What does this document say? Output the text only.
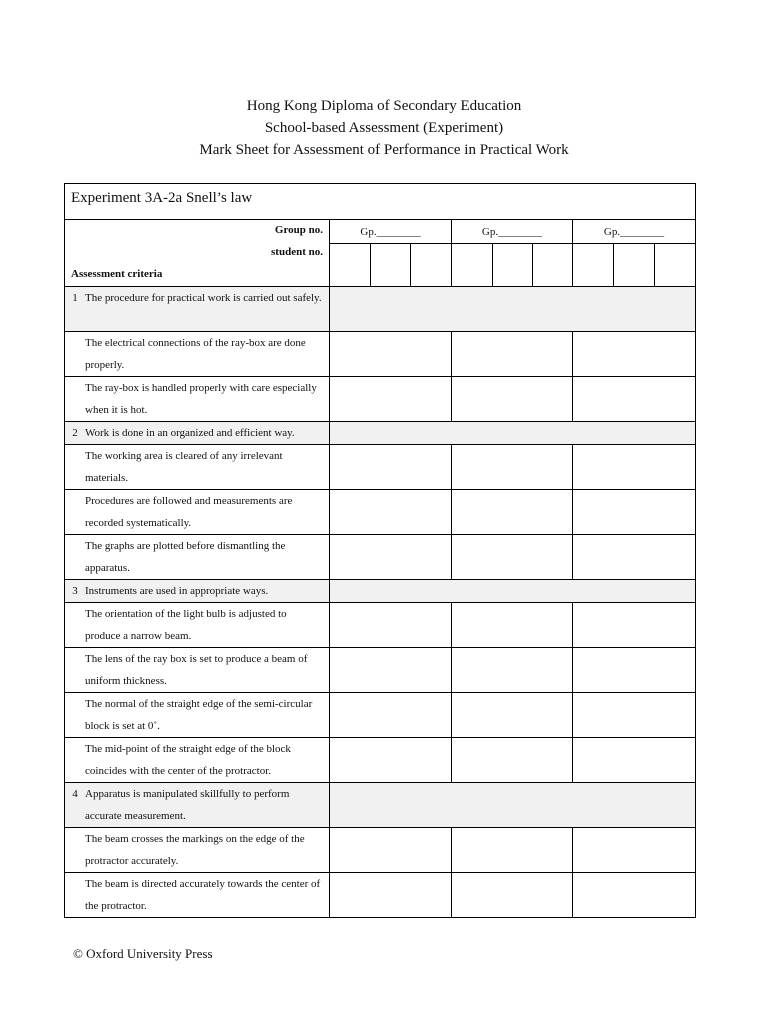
Hong Kong Diploma of Secondary Education
School-based Assessment (Experiment)
Mark Sheet for Assessment of Performance in Practical Work
Experiment 3A-2a Snell’s law									

Group no.
student no.
Assessment criteria	Gp.________			Gp.________			Gp.________		

1 The procedure for practical work is carried out safely.									

The electrical connections of the ray-box are done properly.									

The ray-box is handled properly with care especially when it is hot.									

2 Work is done in an organized and efficient way.									

The working area is cleared of any irrelevant materials.									

Procedures are followed and measurements are recorded systematically.									

The graphs are plotted before dismantling the apparatus.									

3 Instruments are used in appropriate ways.									

The orientation of the light bulb is adjusted to produce a narrow beam.									

The lens of the ray box is set to produce a beam of uniform thickness.									

The normal of the straight edge of the semi-circular block is set at 0˚.									

The mid-point of the straight edge of the block coincides with the center of the protractor.									

4 Apparatus is manipulated skillfully to perform accurate measurement.									

The beam crosses the markings on the edge of the protractor accurately.									

The beam is directed accurately towards the center of the protractor.									

© Oxford University Press
